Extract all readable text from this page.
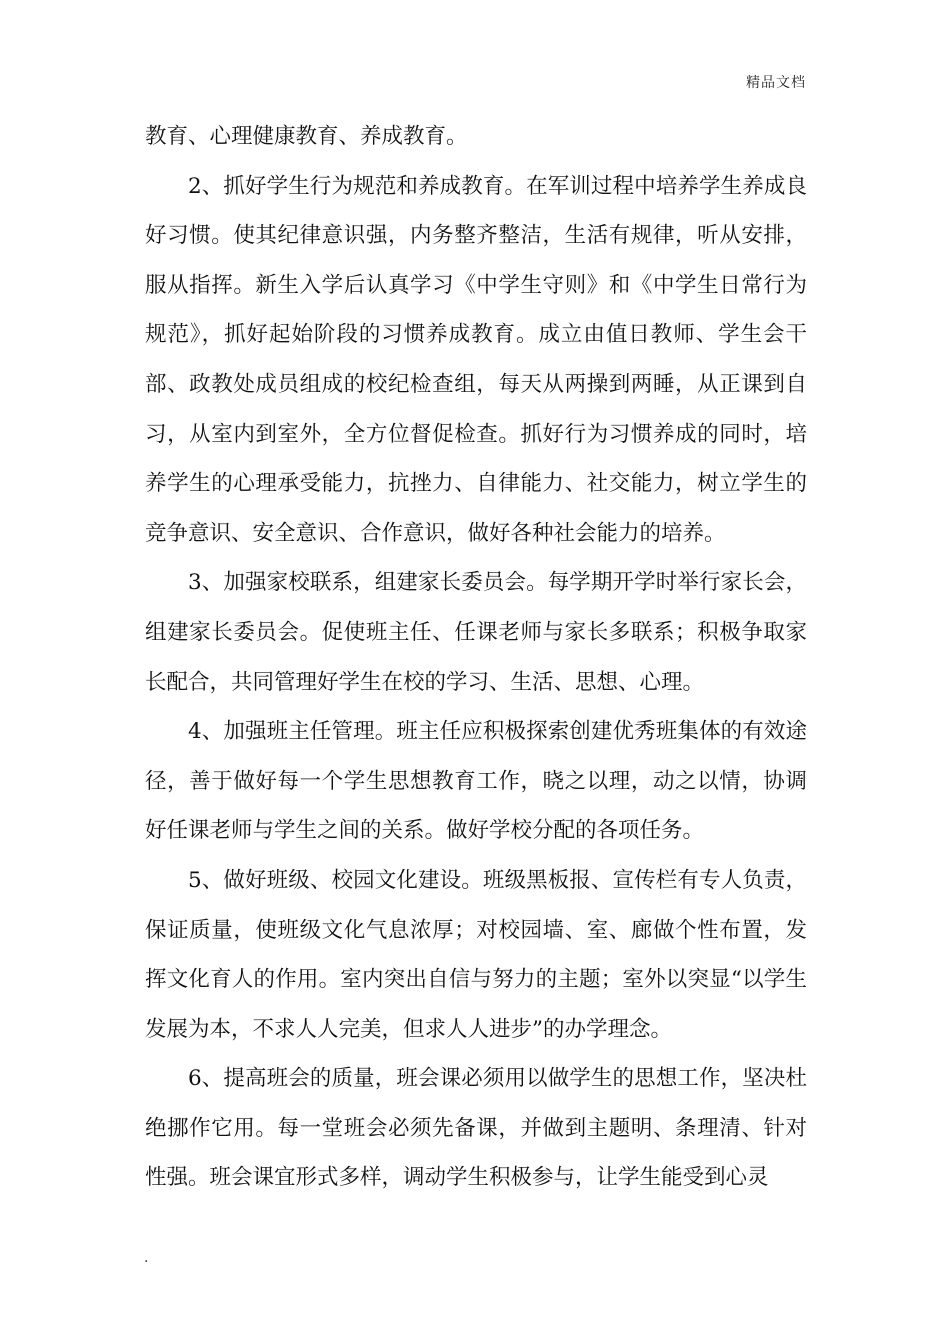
精品文档

教育、心理健康教育、养成教育。

2、抓好学生行为规范和养成教育。在军训过程中培养学生养成良好习惯。使其纪律意识强，内务整齐整洁，生活有规律，听从安排，服从指挥。新生入学后认真学习《中学生守则》和《中学生日常行为规范》，抓好起始阶段的习惯养成教育。成立由值日教师、学生会干部、政教处成员组成的校纪检查组，每天从两操到两睡，从正课到自习，从室内到室外，全方位督促检查。抓好行为习惯养成的同时，培养学生的心理承受能力，抗挫力、自律能力、社交能力，树立学生的竞争意识、安全意识、合作意识，做好各种社会能力的培养。

3、加强家校联系，组建家长委员会。每学期开学时举行家长会，组建家长委员会。促使班主任、任课老师与家长多联系；积极争取家长配合，共同管理好学生在校的学习、生活、思想、心理。

4、加强班主任管理。班主任应积极探索创建优秀班集体的有效途径，善于做好每一个学生思想教育工作，晓之以理，动之以情，协调好任课老师与学生之间的关系。做好学校分配的各项任务。

5、做好班级、校园文化建设。班级黑板报、宣传栏有专人负责，保证质量，使班级文化气息浓厚；对校园墙、室、廊做个性布置，发挥文化育人的作用。室内突出自信与努力的主题；室外以突显“以学生发展为本，不求人人完美，但求人人进步”的办学理念。

6、提高班会的质量，班会课必须用以做学生的思想工作，坚决杜绝挪作它用。每一堂班会必须先备课，并做到主题明、条理清、针对性强。班会课宜形式多样，调动学生积极参与，让学生能受到心灵

.
